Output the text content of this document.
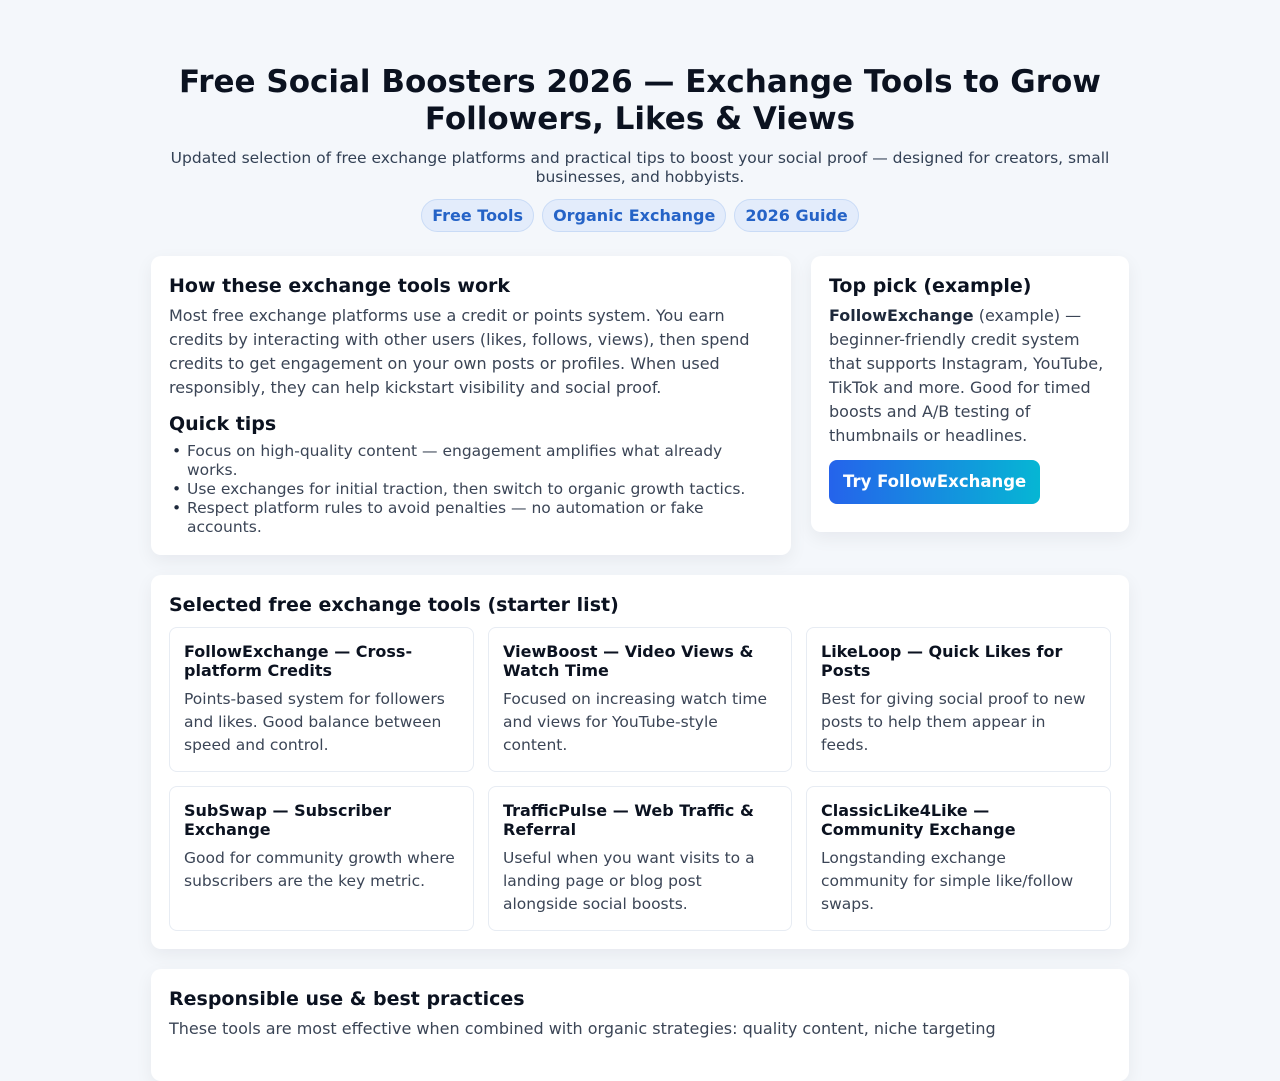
Free Social Boosters 2026 — Exchange Tools to Grow Followers, Likes & Views

Updated selection of free exchange platforms and practical tips to boost your social proof — designed for creators, small businesses, and hobbyists.

Free Tools	Organic Exchange	2026 Guide
How these exchange tools work

Most free exchange platforms use a credit or points system. You earn credits by interacting with other users (likes, follows, views), then spend credits to get engagement on your own posts or profiles. When used responsibly, they can help kickstart visibility and social proof.

Quick tips
• Focus on high-quality content — engagement amplifies what already works.
• Use exchanges for initial traction, then switch to organic growth tactics.
• Respect platform rules to avoid penalties — no automation or fake accounts.
Top pick (example)

FollowExchange (example) — beginner-friendly credit system that supports Instagram, YouTube, TikTok and more. Good for timed boosts and A/B testing of thumbnails or headlines.

Try FollowExchange
Selected free exchange tools (starter list)
FollowExchange — Cross-platform Credits

Points-based system for followers and likes. Good balance between speed and control.

ViewBoost — Video Views & Watch Time

Focused on increasing watch time and views for YouTube-style content.

LikeLoop — Quick Likes for Posts

Best for giving social proof to new posts to help them appear in feeds.

SubSwap — Subscriber Exchange

Good for community growth where subscribers are the key metric.

TrafficPulse — Web Traffic & Referral

Useful when you want visits to a landing page or blog post alongside social boosts.

ClassicLike4Like — Community Exchange

Longstanding exchange community for simple like/follow swaps.

Responsible use & best practices

These tools are most effective when combined with organic strategies: quality content, niche targeting
